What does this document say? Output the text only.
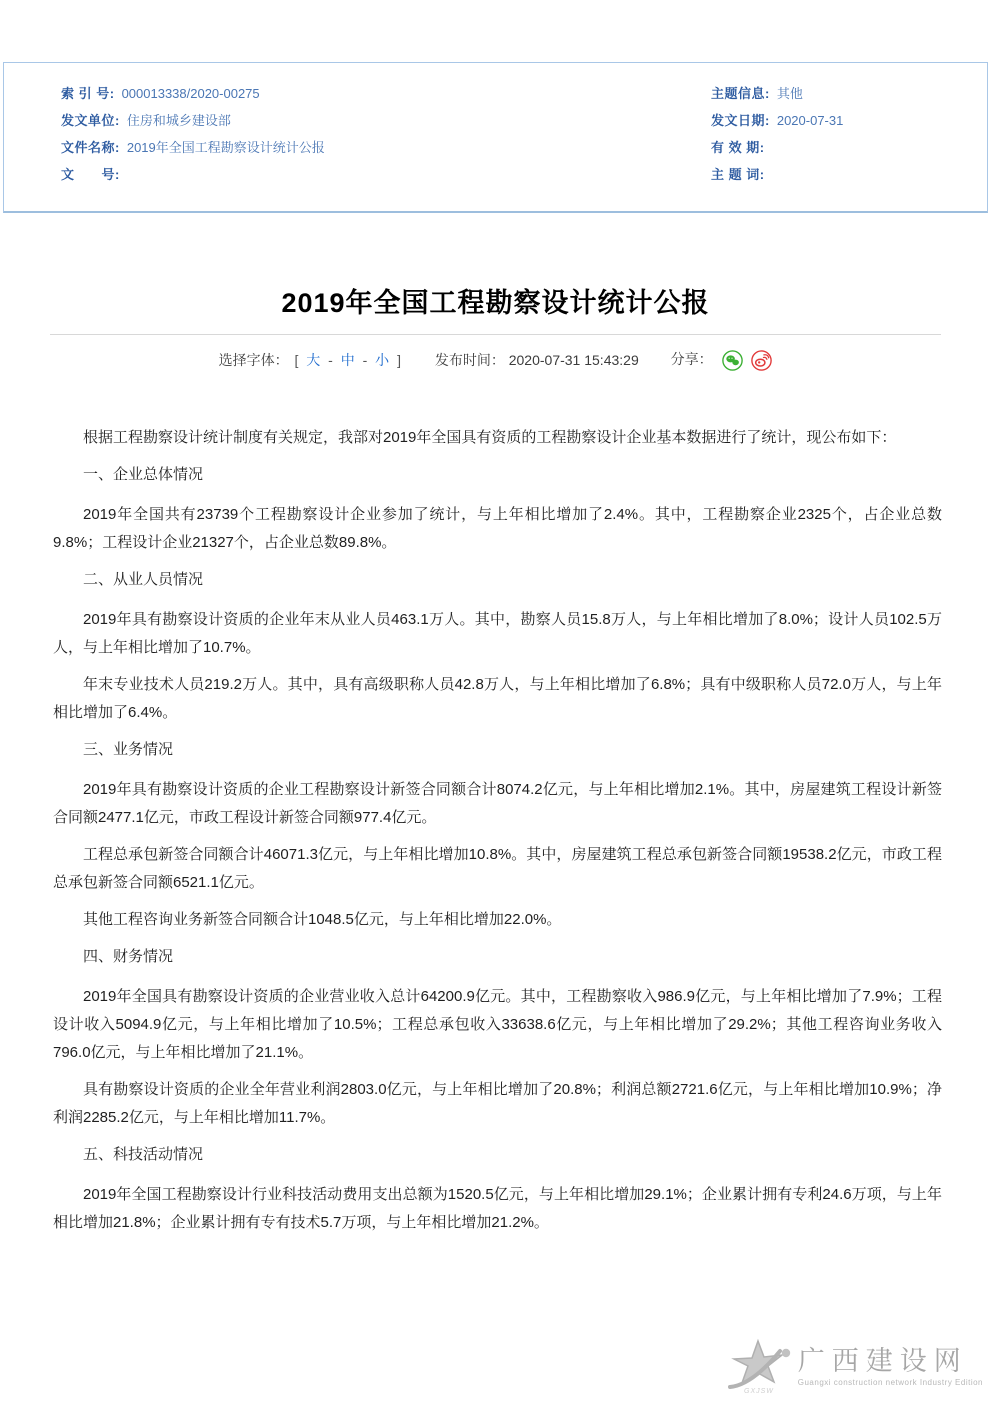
索 引 号: 000013338/2020-00275
发文单位: 住房和城乡建设部
文件名称: 2019年全国工程勘察设计统计公报
文　　号:
主题信息: 其他
发文日期: 2020-07-31
有 效 期:
主 题 词:
2019年全国工程勘察设计统计公报
选择字体： [ 大 - 中 - 小 ] 发布时间： 2020-07-31 15:43:29 分享：

根据工程勘察设计统计制度有关规定，我部对2019年全国具有资质的工程勘察设计企业基本数据进行了统计，现公布如下：

一、企业总体情况

2019年全国共有23739个工程勘察设计企业参加了统计，与上年相比增加了2.4%。其中，工程勘察企业2325个，占企业总数9.8%；工程设计企业21327个，占企业总数89.8%。

二、从业人员情况

2019年具有勘察设计资质的企业年末从业人员463.1万人。其中，勘察人员15.8万人，与上年相比增加了8.0%；设计人员102.5万人，与上年相比增加了10.7%。

年末专业技术人员219.2万人。其中，具有高级职称人员42.8万人，与上年相比增加了6.8%；具有中级职称人员72.0万人，与上年相比增加了6.4%。

三、业务情况

2019年具有勘察设计资质的企业工程勘察设计新签合同额合计8074.2亿元，与上年相比增加2.1%。其中，房屋建筑工程设计新签合同额2477.1亿元，市政工程设计新签合同额977.4亿元。

工程总承包新签合同额合计46071.3亿元，与上年相比增加10.8%。其中，房屋建筑工程总承包新签合同额19538.2亿元，市政工程总承包新签合同额6521.1亿元。

其他工程咨询业务新签合同额合计1048.5亿元，与上年相比增加22.0%。

四、财务情况

2019年全国具有勘察设计资质的企业营业收入总计64200.9亿元。其中，工程勘察收入986.9亿元，与上年相比增加了7.9%；工程设计收入5094.9亿元，与上年相比增加了10.5%；工程总承包收入33638.6亿元，与上年相比增加了29.2%；其他工程咨询业务收入796.0亿元，与上年相比增加了21.1%。

具有勘察设计资质的企业全年营业利润2803.0亿元，与上年相比增加了20.8%；利润总额2721.6亿元，与上年相比增加10.9%；净利润2285.2亿元，与上年相比增加11.7%。

五、科技活动情况

2019年全国工程勘察设计行业科技活动费用支出总额为1520.5亿元，与上年相比增加29.1%；企业累计拥有专利24.6万项，与上年相比增加21.8%；企业累计拥有专有技术5.7万项，与上年相比增加21.2%。

GXJSW
广西建设网
Guangxi construction network Industry Edition
